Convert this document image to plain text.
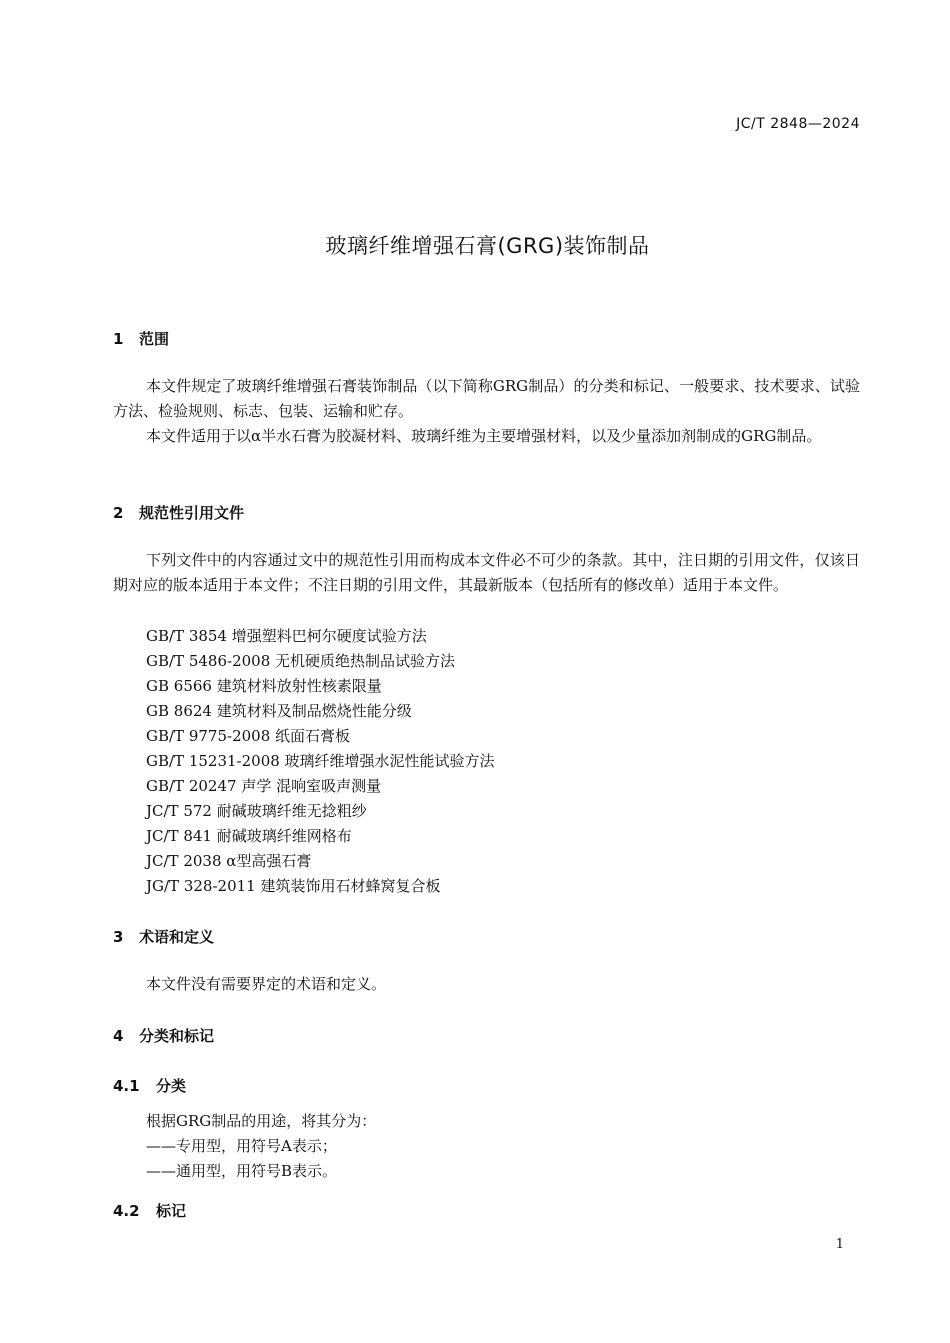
JC/T 2848—2024
玻璃纤维增强石膏(GRG)装饰制品
1 范围

本文件规定了玻璃纤维增强石膏装饰制品（以下简称GRG制品）的分类和标记、一般要求、技术要求、试验方法、检验规则、标志、包装、运输和贮存。

本文件适用于以α半水石膏为胶凝材料、玻璃纤维为主要增强材料，以及少量添加剂制成的GRG制品。

2 规范性引用文件

下列文件中的内容通过文中的规范性引用而构成本文件必不可少的条款。其中，注日期的引用文件，仅该日期对应的版本适用于本文件；不注日期的引用文件，其最新版本（包括所有的修改单）适用于本文件。

GB/T 3854 增强塑料巴柯尔硬度试验方法
GB/T 5486-2008 无机硬质绝热制品试验方法
GB 6566 建筑材料放射性核素限量
GB 8624 建筑材料及制品燃烧性能分级
GB/T 9775-2008 纸面石膏板
GB/T 15231-2008 玻璃纤维增强水泥性能试验方法
GB/T 20247 声学 混响室吸声测量
JC/T 572 耐碱玻璃纤维无捻粗纱
JC/T 841 耐碱玻璃纤维网格布
JC/T 2038 α型高强石膏
JG/T 328-2011 建筑装饰用石材蜂窝复合板
3 术语和定义

本文件没有需要界定的术语和定义。

4 分类和标记
4.1 分类
根据GRG制品的用途，将其分为：
——专用型，用符号A表示；
——通用型，用符号B表示。
4.2 标记
1
